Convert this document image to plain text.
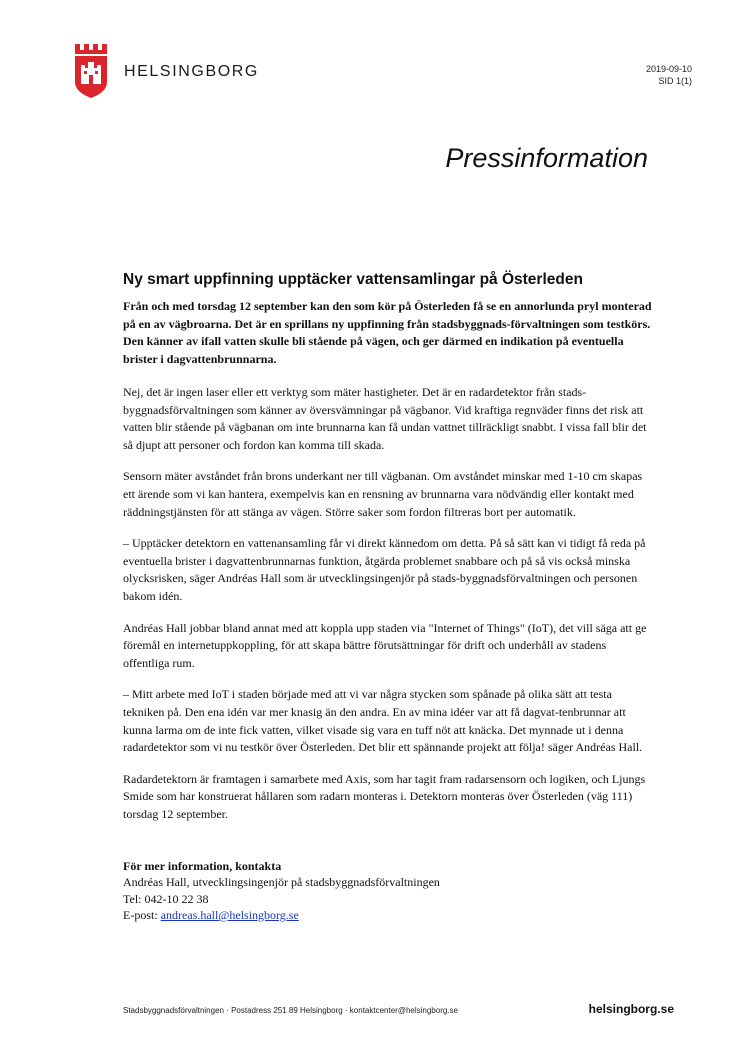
HELSINGBORG	2019-09-10
SID 1(1)
Pressinformation
Ny smart uppfinning upptäcker vattensamlingar på Österleden

Från och med torsdag 12 september kan den som kör på Österleden få se en annorlunda pryl monterad på en av vägbroarna. Det är en sprillans ny uppfinning från stadsbyggnads-förvaltningen som testkörs. Den känner av ifall vatten skulle bli stående på vägen, och ger därmed en indikation på eventuella brister i dagvattenbrunnarna.

Nej, det är ingen laser eller ett verktyg som mäter hastigheter. Det är en radardetektor från stads-byggnadsförvaltningen som känner av översvämningar på vägbanor. Vid kraftiga regnväder finns det risk att vatten blir stående på vägbanan om inte brunnarna kan få undan vattnet tillräckligt snabbt. I vissa fall blir det så djupt att personer och fordon kan komma till skada.

Sensorn mäter avståndet från brons underkant ner till vägbanan. Om avståndet minskar med 1-10 cm skapas ett ärende som vi kan hantera, exempelvis kan en rensning av brunnarna vara nödvändig eller kontakt med räddningstjänsten för att stänga av vägen. Större saker som fordon filtreras bort per automatik.

– Upptäcker detektorn en vattenansamling får vi direkt kännedom om detta. På så sätt kan vi tidigt få reda på eventuella brister i dagvattenbrunnarnas funktion, åtgärda problemet snabbare och på så vis också minska olycksrisken, säger Andréas Hall som är utvecklingsingenjör på stads-byggnadsförvaltningen och personen bakom idén.

Andréas Hall jobbar bland annat med att koppla upp staden via "Internet of Things" (IoT), det vill säga att ge föremål en internetuppkoppling, för att skapa bättre förutsättningar för drift och underhåll av stadens offentliga rum.

– Mitt arbete med IoT i staden började med att vi var några stycken som spånade på olika sätt att testa tekniken på. Den ena idén var mer knasig än den andra. En av mina idéer var att få dagvat-tenbrunnar att kunna larma om de inte fick vatten, vilket visade sig vara en tuff nöt att knäcka. Det mynnade ut i denna radardetektor som vi nu testkör över Österleden. Det blir ett spännande projekt att följa! säger Andréas Hall.

Radardetektorn är framtagen i samarbete med Axis, som har tagit fram radarsensorn och logiken, och Ljungs Smide som har konstruerat hållaren som radarn monteras i. Detektorn monteras över Österleden (väg 111) torsdag 12 september.

För mer information, kontakta
Andréas Hall, utvecklingsingenjör på stadsbyggnadsförvaltningen
Tel: 042-10 22 38
E-post: andreas.hall@helsingborg.se
Stadsbyggnadsförvaltningen · Postadress 251 89 Helsingborg · kontaktcenter@helsingborg.se	helsingborg.se
